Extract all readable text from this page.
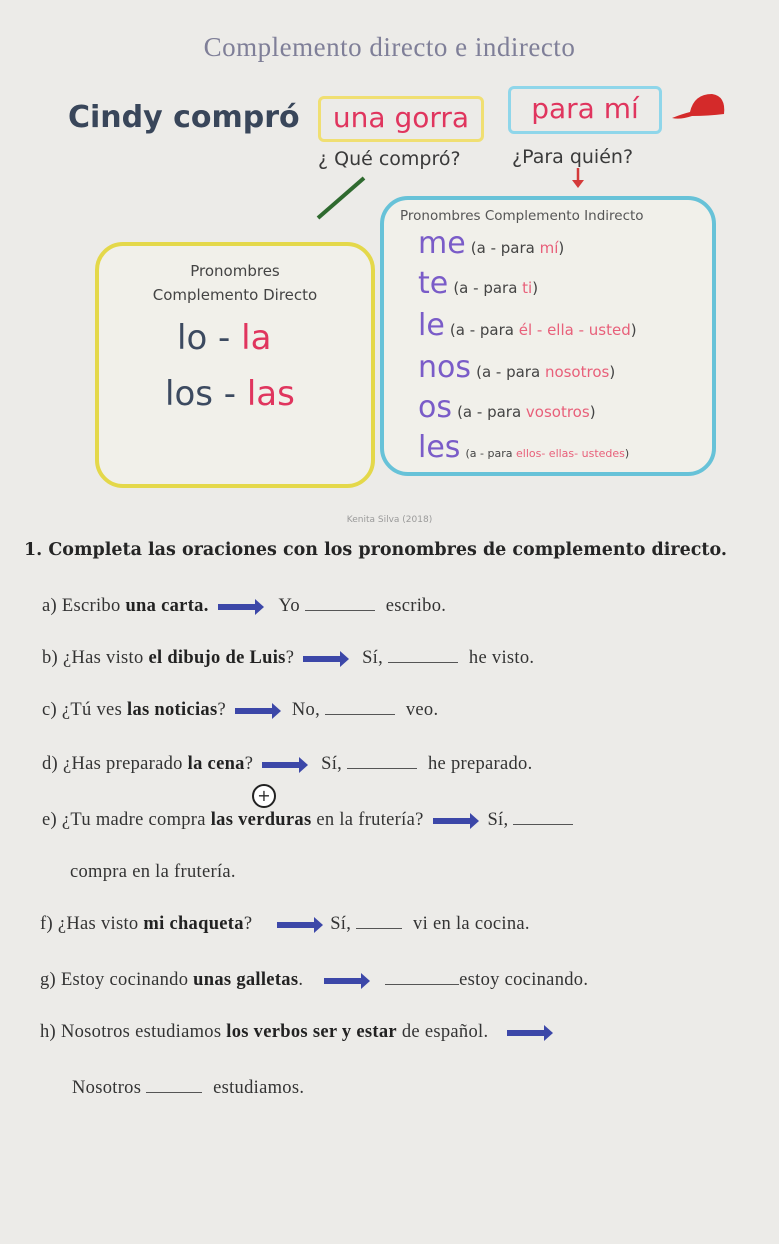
Complemento directo e indirecto
Cindy compró	una gorra	para mí
¿ Qué compró?	¿Para quién?
Pronombres
Complemento Directo
lo - la
los - las
Pronombres Complemento Indirecto
me (a - para mí)
te (a - para ti)
le (a - para él - ella - usted)
nos (a - para nosotros)
os (a - para vosotros)
les (a - para ellos- ellas- ustedes)
Kenita Silva (2018)
1. Completa las oraciones con los pronombres de complemento directo.
a) Escribo una carta.	Yo	escribo.
b) ¿Has visto el dibujo de Luis?	Sí,	he visto.
c) ¿Tú ves las noticias?	No,	veo.
d) ¿Has preparado la cena?	Sí,	he preparado.
+
e) ¿Tu madre compra las verduras en la frutería?	Sí,
compra en la frutería.
f) ¿Has visto mi chaqueta?	Sí,	vi en la cocina.
g) Estoy cocinando unas galletas.	estoy cocinando.
h) Nosotros estudiamos los verbos ser y estar de español.
Nosotros	estudiamos.
